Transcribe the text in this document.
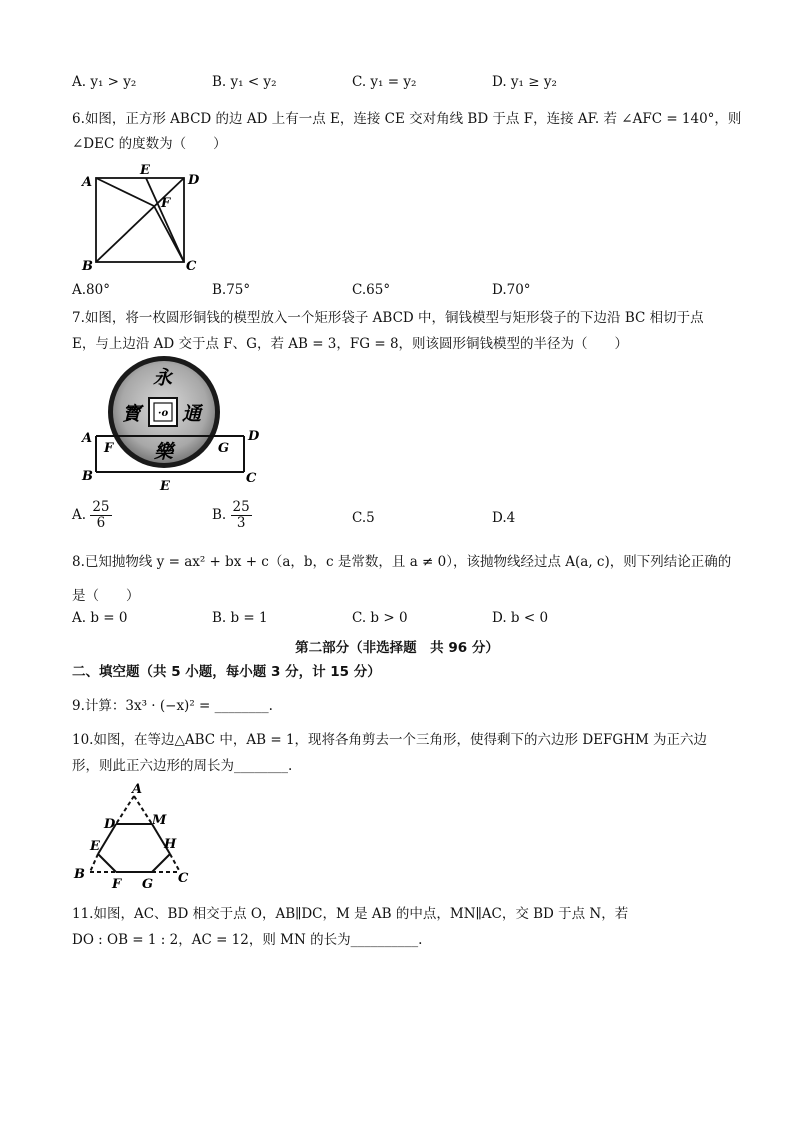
A. y₁ > y₂	B. y₁ < y₂	C. y₁ = y₂	D. y₁ ≥ y₂
6.如图，正方形 ABCD 的边 AD 上有一点 E，连接 CE 交对角线 BD 于点 F，连接 AF. 若 ∠AFC = 140°，则
∠DEC 的度数为（　　）
A	D
E
F
B	C
A.80°	B.75°	C.65°	D.70°
7.如图，将一枚圆形铜钱的模型放入一个矩形袋子 ABCD 中，铜钱模型与矩形袋子的下边沿 BC 相切于点
E，与上边沿 AD 交于点 F、G，若 AB = 3，FG = 8，则该圆形铜钱模型的半径为（　　）
·o
永
通
樂
寳
A	D
F	G
B	C
E
A. $\frac{25}{6}$	B. $\frac{25}{3}$	C.5	D.4
8.已知抛物线 y = ax² + bx + c（a，b，c 是常数，且 a ≠ 0），该抛物线经过点 A(a, c)，则下列结论正确的
是（　　）
A. b = 0	B. b = 1	C. b > 0	D. b < 0
第二部分（非选择题　共 96 分）
二、填空题（共 5 小题，每小题 3 分，计 15 分）
9.计算：3x³ · (−x)² = ________.
10.如图，在等边△ABC 中，AB = 1，现将各角剪去一个三角形，使得剩下的六边形 DEFGHM 为正六边
形，则此正六边形的周长为________.
A
D	M
E	H
B
F G C
11.如图，AC、BD 相交于点 O，AB∥DC，M 是 AB 的中点，MN∥AC，交 BD 于点 N，若
DO : OB = 1 : 2，AC = 12，则 MN 的长为__________.
